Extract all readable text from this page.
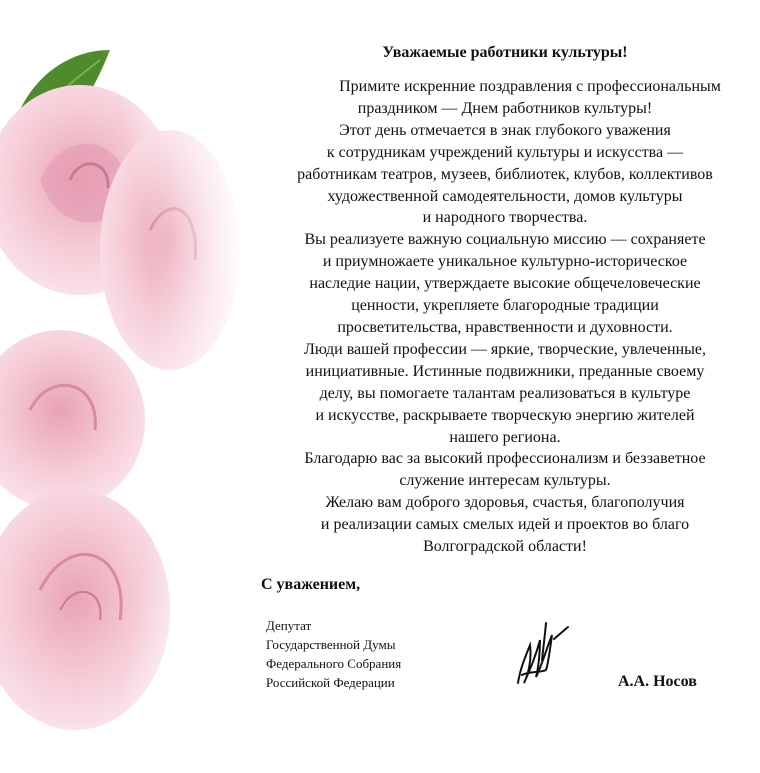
Уважаемые работники культуры!
Примите искренние поздравления с профессиональным
праздником — Днем работников культуры!
Этот день отмечается в знак глубокого уважения
к сотрудникам учреждений культуры и искусства —
работникам театров, музеев, библиотек, клубов, коллективов
художественной самодеятельности, домов культуры
и народного творчества.
Вы реализуете важную социальную миссию — сохраняете
и приумножаете уникальное культурно-историческое
наследие нации, утверждаете высокие общечеловеческие
ценности, укрепляете благородные традиции
просветительства, нравственности и духовности.
Люди вашей профессии — яркие, творческие, увлеченные,
инициативные. Истинные подвижники, преданные своему
делу, вы помогаете талантам реализоваться в культуре
и искусстве, раскрываете творческую энергию жителей
нашего региона.
Благодарю вас за высокий профессионализм и беззаветное
служение интересам культуры.
Желаю вам доброго здоровья, счастья, благополучия
и реализации самых смелых идей и проектов во благо
Волгоградской области!
С уважением,
Депутат
Государственной Думы
Федерального Собрания
Российской Федерации	А.А. Носов
